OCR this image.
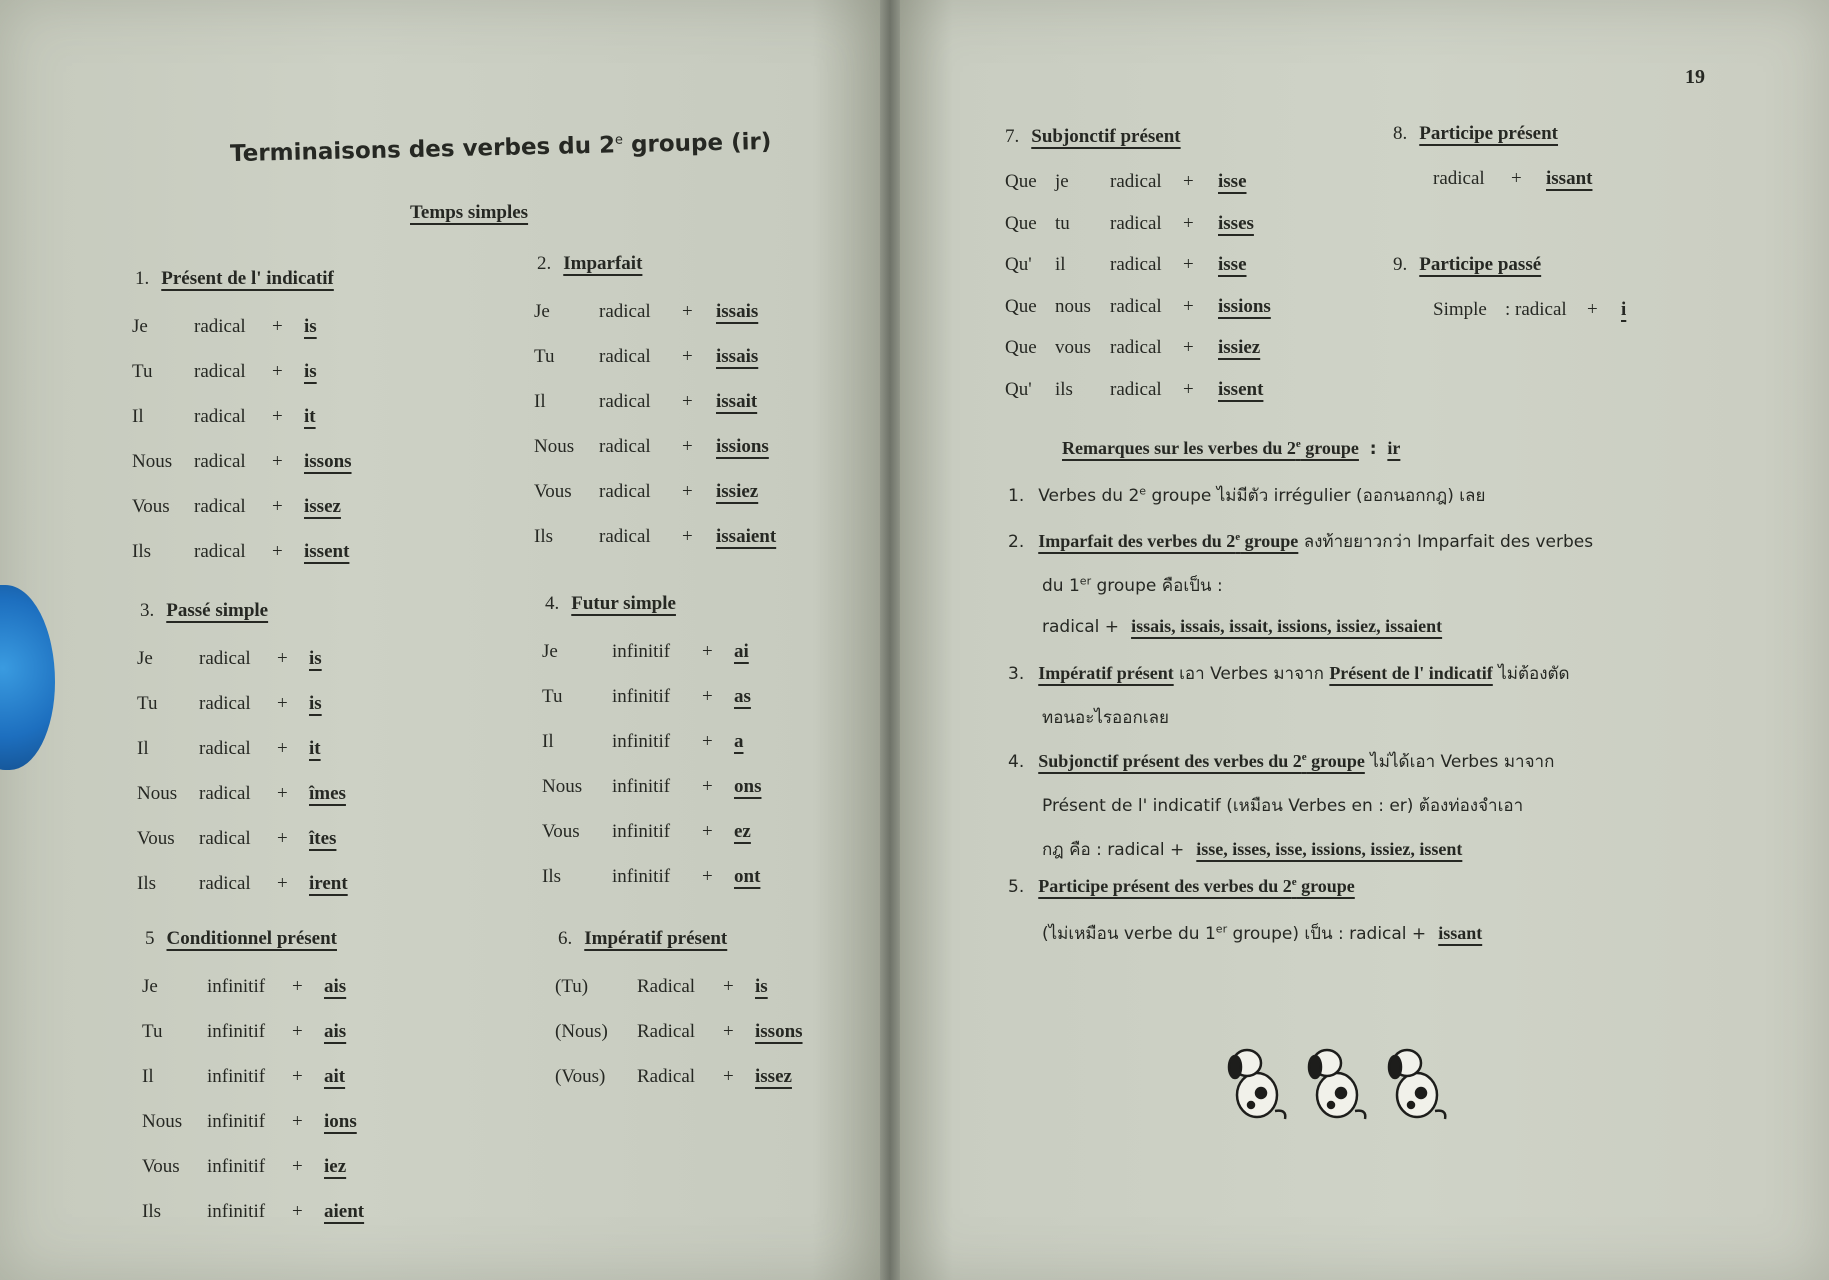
Terminaisons des verbes du 2e groupe (ir)
Temps simples
1. Présent de l' indicatif
Je radical + is
Tu radical + is
Il	radical + it
Nous radical + issons
Vous radical + issez
Ils radical + issent
2. Imparfait
Je	radical + issais
Tu radical + issais
Il	radical + issait
Nous radical + issions
Vous radical + issiez
Ils radical + issaient
3. Passé simple
Je radical + is
Tu radical + is
Il	radical + it
Nous radical + îmes
Vous radical + îtes
Ils radical + irent
4. Futur simple
Je	infinitif + ai
Tu	infinitif + as
Il	infinitif + a
Nous infinitif + ons
Vous infinitif + ez
Ils	infinitif + ont
5 Conditionnel présent
Je	infinitif + ais
Tu infinitif + ais
Il	infinitif + ait
Nous infinitif + ions
Vous infinitif + iez
Ils infinitif + aient
6. Impératif présent
(Tu)	Radical + is
(Nous) Radical + issons
(Vous) Radical + issez
19
7. Subjonctif présent
Que je radical + isse
Que tu radical + isses
Qu' il radical + isse
Que nous radical + issions
Que vous radical + issiez
Qu' ils radical + issent
8. Participe présent
radical + issant
9. Participe passé
Simple : radical + i
Remarques sur les verbes du 2e groupe : ir
1. Verbes du 2e groupe ไม่มีตัว irrégulier (ออกนอกกฎ) เลย
2. Imparfait des verbes du 2e groupe ลงท้ายยาวกว่า Imparfait des verbes
du 1er groupe คือเป็น :
radical + issais, issais, issait, issions, issiez, issaient
3. Impératif présent เอา Verbes มาจาก Présent de l' indicatif ไม่ต้องตัด
ทอนอะไรออกเลย
4. Subjonctif présent des verbes du 2e groupe ไม่ได้เอา Verbes มาจาก
Présent de l' indicatif (เหมือน Verbes en : er) ต้องท่องจำเอา
กฎ คือ : radical + isse, isses, isse, issions, issiez, issent
5. Participe présent des verbes du 2e groupe
(ไม่เหมือน verbe du 1er groupe) เป็น : radical + issant
